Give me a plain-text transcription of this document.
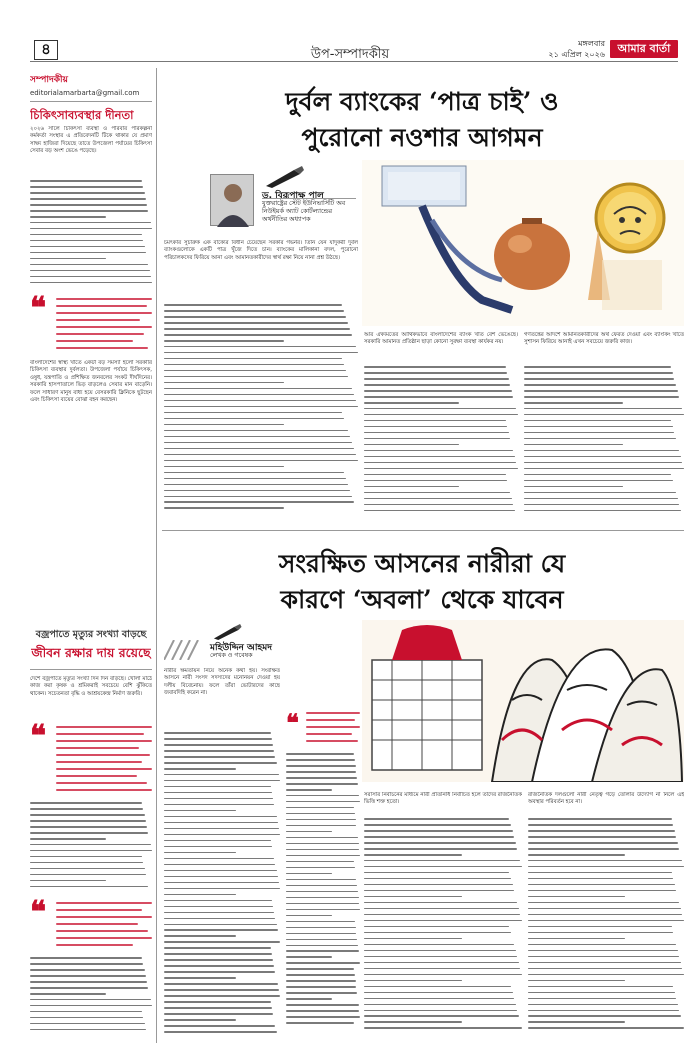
৪	উপ-সম্পাদকীয়
মঙ্গলবার
২১ এপ্রিল ২০২৬	আমার বার্তা
সম্পাদকীয়
editorialamarbarta@gmail.com
চিকিৎসাব্যবস্থার দীনতা
২০২৬ সালে চিকিৎসা ব্যবস্থা ও পরিবার পরিকল্পনা কর্মকর্তা সংস্থার এ প্রতিবেদনটি টিকে থাকার যে প্রমাণ সাক্ষ্য হাজিরা দিয়েছে তাতে উপজেলা পর্যায়ের চিকিৎসা সেবার বড় অংশ ভেঙে পড়েছে।
❝
বাংলাদেশের স্বাস্থ্য খাতে একটা বড় সমস্যা হলো সরকারি চিকিৎসা ব্যবস্থার দুর্বলতা। উপজেলা পর্যায়ে চিকিৎসক, ওষুধ, যন্ত্রপাতি ও প্রশিক্ষিত জনবলের সংকট দীর্ঘদিনের। সরকারি হাসপাতালে ভিড় বাড়লেও সেবার মান বাড়েনি। ফলে সাধারণ মানুষ বাধ্য হয়ে বেসরকারি ক্লিনিকে ছুটছেন এবং চিকিৎসা ব্যয়ের বোঝা বহন করছেন।
বজ্রপাতে মৃত্যুর সংখ্যা বাড়ছে
জীবন রক্ষার দায় রয়েছে
দেশে বজ্রপাতে মৃত্যুর সংখ্যা দিন দিন বাড়ছে। খোলা মাঠে কাজ করা কৃষক ও শ্রমিকরাই সবচেয়ে বেশি ঝুঁকিতে থাকেন। সচেতনতা বৃদ্ধি ও আশ্রয়কেন্দ্র নির্মাণ জরুরি।
❝
❝
দুর্বল ব্যাংকের ‘পাত্র চাই’ ও
পুরোনো নওশার আগমন
ড. বিরূপাক্ষ পাল
যুক্তরাষ্ট্রের স্টেট ইউনিভার্সিটি অব নিউইয়র্ক অ্যাট কোর্টল্যান্ডের অর্থনীতির অধ্যাপক
চমৎকার সুচারুক এক বাক্যের বিধান চেয়েছেন সরকার গভর্নর। তিনি যেন যাদুকরী দুর্বল ব্যাংকগুলোকে একটি পাত্র খুঁজে দিতে চান। ব্যাংকের মালিকানা বদল, পুরোনো পরিচালকদের ফিরিয়ে আনা এবং আমানতকারীদের স্বার্থ রক্ষা নিয়ে নানা প্রশ্ন উঠছে।
আর ঐক্যমতের আর্থিকভাবে বাংলাদেশের ব্যাংক খাত বেশ ভেঙেছে। সরকারি আমানত প্রতিষ্ঠান ছাড়া কোনো সুরক্ষা ব্যবস্থা কার্যকর নয়।
গণতন্ত্রের আদর্শে আমানতকারীদের অর্থ ফেরত দেওয়া এবং ব্যাংকিং খাতে সুশাসন ফিরিয়ে আনাই এখন সবচেয়ে জরুরি কাজ।
সংরক্ষিত আসনের নারীরা যে
কারণে ‘অবলা’ থেকে যাবেন
মহিউদ্দিন আহমদ
লেখক ও গবেষক
নারীর ক্ষমতায়ন নিয়ে অনেক কথা হয়। সংরক্ষিত আসনে নারী সংসদ সদস্যদের মনোনয়ন দেওয়া হয় দলীয় বিবেচনায়। ফলে তাঁরা ভোটারদের কাছে জবাবদিহি করেন না।
❝
সরাসরি নির্বাচনের মাধ্যমে নারী প্রতিনিধি নির্বাচিত হলে তাঁদের রাজনৈতিক ভিত্তি শক্ত হতো।
রাজনৈতিক দলগুলো নারী নেতৃত্ব গড়ে তোলার উদ্যোগ না নিলে এই অবস্থার পরিবর্তন হবে না।
